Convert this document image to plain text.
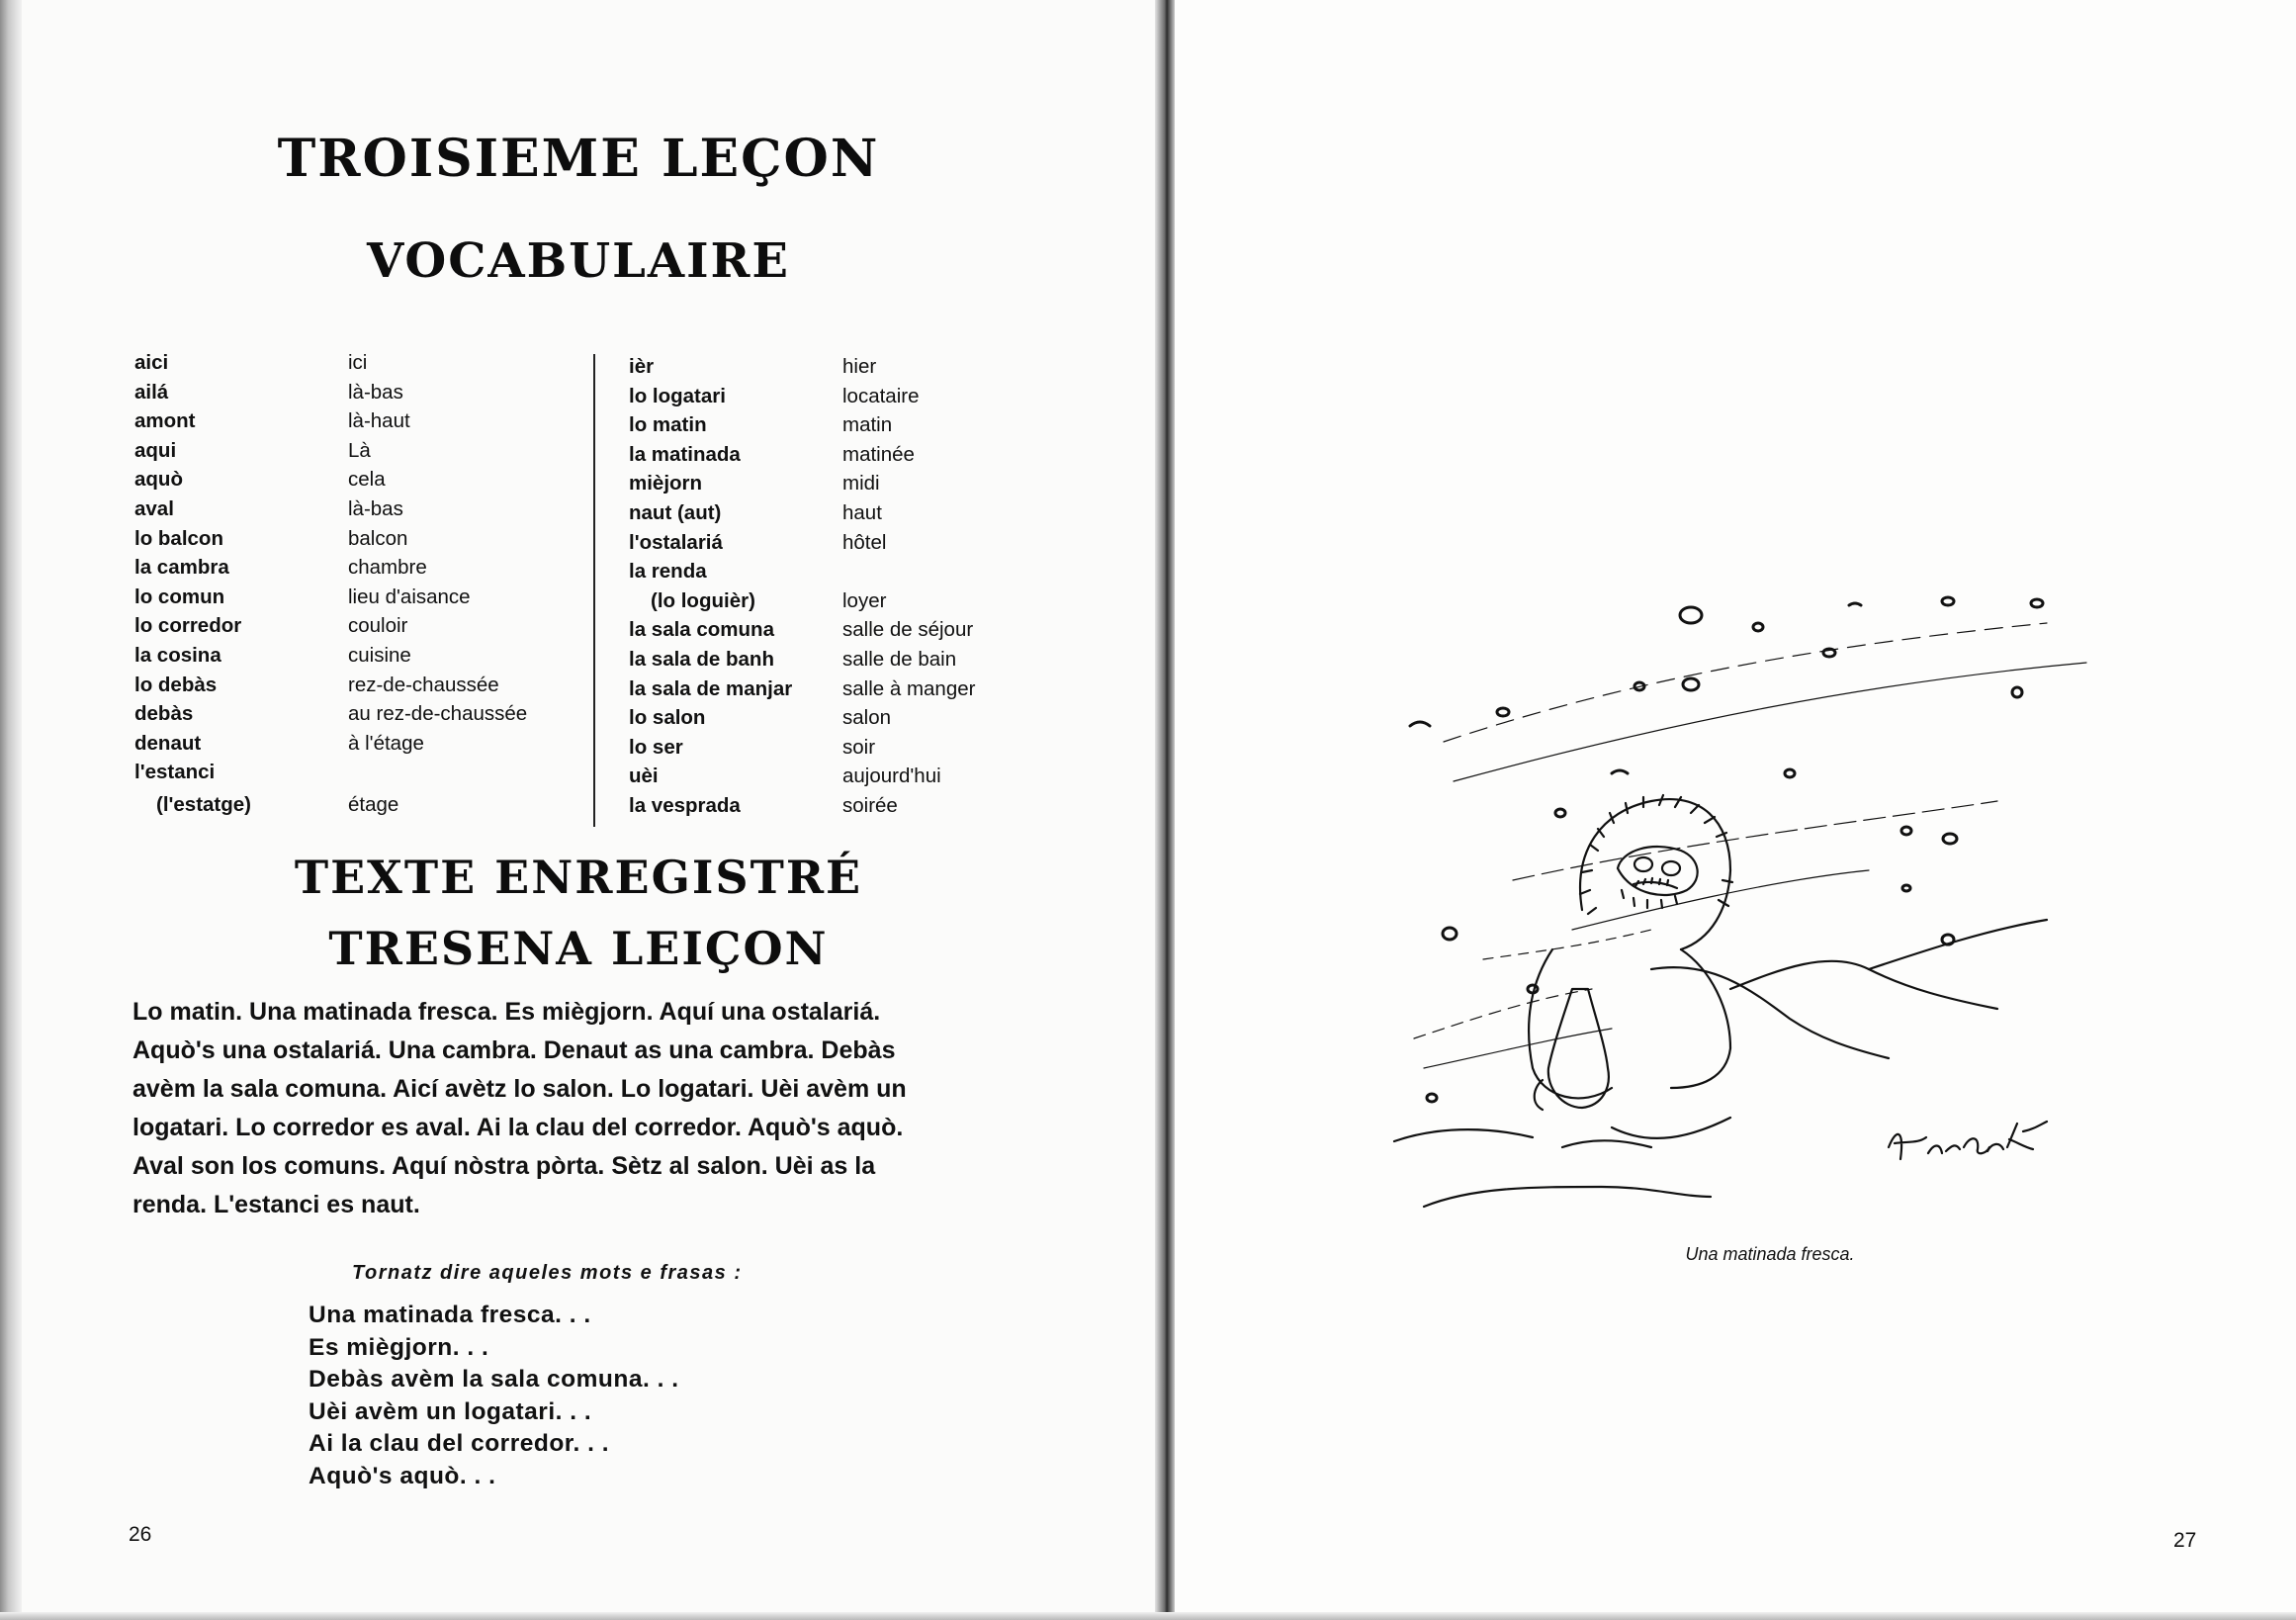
TROISIEME LEÇON
VOCABULAIRE
aici	ici
ailá	là-bas
amont	là-haut
aqui	Là
aquò	cela
aval	là-bas
lo balcon	balcon
la cambra	chambre
lo comun	lieu d'aisance
lo corredor	couloir
la cosina	cuisine
lo debàs	rez-de-chaussée
debàs	au rez-de-chaussée
denaut	à l'étage
l'estanci
(l'estatge)	étage
ièr	hier
lo logatari	locataire
lo matin	matin
la matinada	matinée
mièjorn	midi
naut (aut)	haut
l'ostalariá	hôtel
la renda
(lo loguièr)	loyer
la sala comuna	salle de séjour
la sala de banh	salle de bain
la sala de manjar	salle à manger
lo salon	salon
lo ser	soir
uèi	aujourd'hui
la vesprada	soirée
TEXTE ENREGISTRÉ
TRESENA LEIÇON
Lo matin. Una matinada fresca. Es miègjorn. Aquí una ostalariá.
Aquò's una ostalariá. Una cambra. Denaut as una cambra. Debàs
avèm la sala comuna. Aicí avètz lo salon. Lo logatari. Uèi avèm un
logatari. Lo corredor es aval. Ai la clau del corredor. Aquò's aquò.
Aval son los comuns. Aquí nòstra pòrta. Sètz al salon. Uèi as la
renda. L'estanci es naut.
Tornatz dire aqueles mots e frasas :
Una matinada fresca. . .
Es miègjorn. . .
Debàs avèm la sala comuna. . .
Uèi avèm un logatari. . .
Ai la clau del corredor. . .
Aquò's aquò. . .
26
Una matinada fresca.
27
